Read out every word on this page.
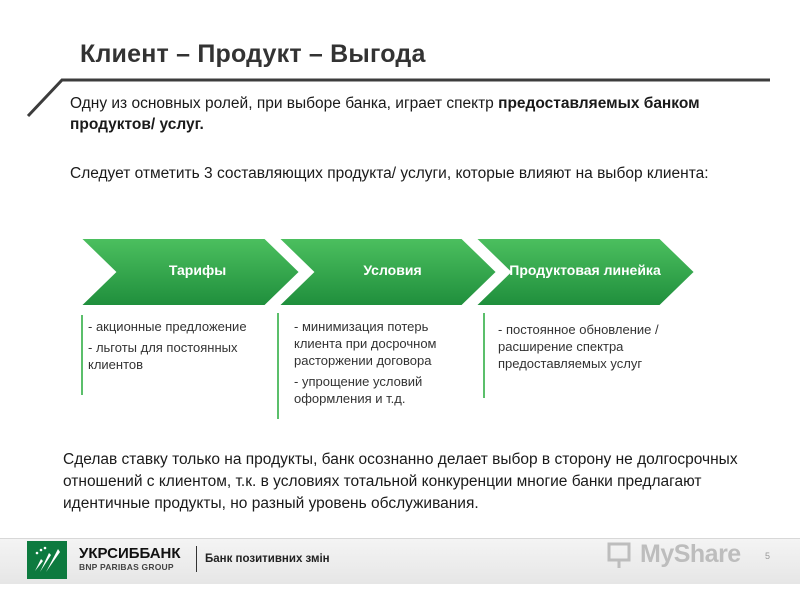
Клиент – Продукт – Выгода
Одну из основных ролей, при выборе банка, играет спектр предоставляемых банком продуктов/ услуг.
Следует отметить 3 составляющих продукта/ услуги, которые влияют на выбор клиента:
Тарифы	Условия	Продуктовая линейка
- акционные предложение
- льготы для постоянных клиентов
- минимизация потерь клиента при досрочном расторжении договора
- упрощение условий оформления и т.д.
- постоянное обновление / расширение спектра предоставляемых услуг
Сделав ставку только на продукты, банк осознанно делает выбор в сторону не долгосрочных отношений с клиентом, т.к. в условиях тотальной конкуренции многие банки предлагают идентичные продукты, но разный уровень обслуживания.
УКРСИББАНК
BNP PARIBAS GROUP
Банк позитивних змін	MySharе	5
